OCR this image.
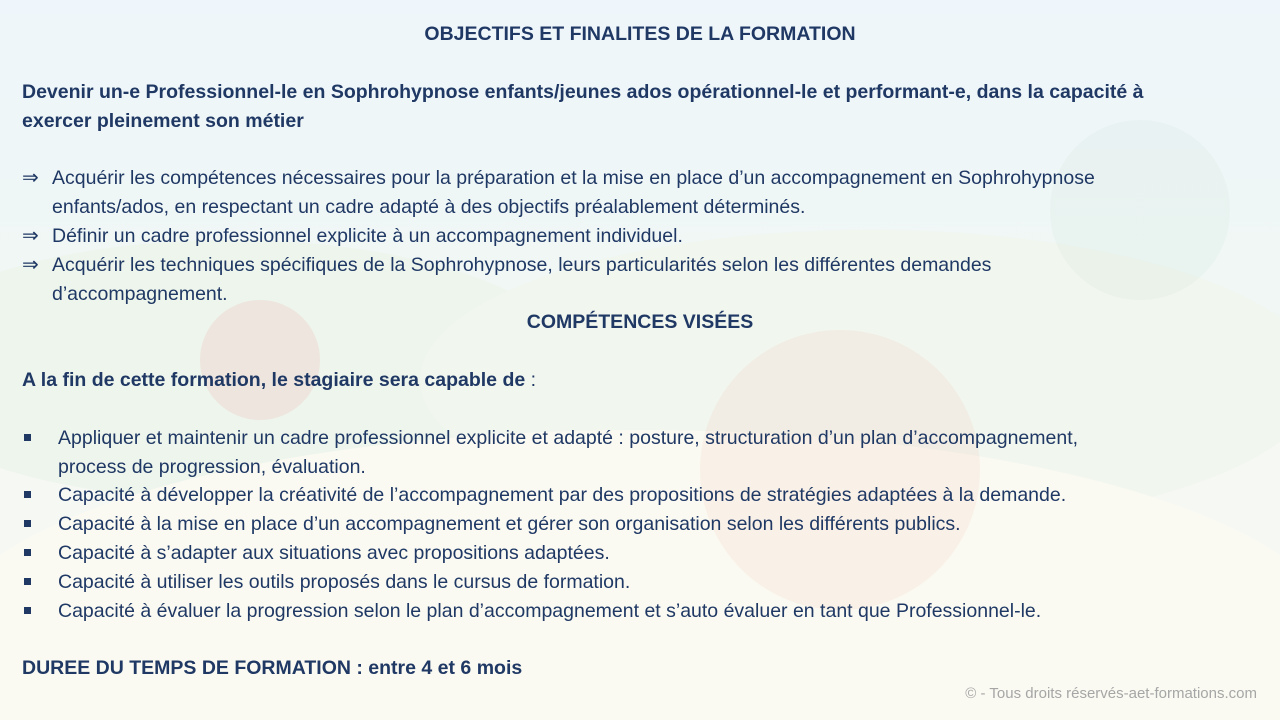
OBJECTIFS ET FINALITES DE LA FORMATION
Devenir un-e Professionnel-le en Sophrohypnose enfants/jeunes ados opérationnel-le et performant-e, dans la capacité à
exercer pleinement son métier
⇒ Acquérir les compétences nécessaires pour la préparation et la mise en place d’un accompagnement en Sophrohypnose
enfants/ados, en respectant un cadre adapté à des objectifs préalablement déterminés.
⇒ Définir un cadre professionnel explicite à un accompagnement individuel.
⇒ Acquérir les techniques spécifiques de la Sophrohypnose, leurs particularités selon les différentes demandes
d’accompagnement.
COMPÉTENCES VISÉES
A la fin de cette formation, le stagiaire sera capable de :
Appliquer et maintenir un cadre professionnel explicite et adapté : posture, structuration d’un plan d’accompagnement,
process de progression, évaluation.
Capacité à développer la créativité de l’accompagnement par des propositions de stratégies adaptées à la demande.
Capacité à la mise en place d’un accompagnement et gérer son organisation selon les différents publics.
Capacité à s’adapter aux situations avec propositions adaptées.
Capacité à utiliser les outils proposés dans le cursus de formation.
Capacité à évaluer la progression selon le plan d’accompagnement et s’auto évaluer en tant que Professionnel-le.
DUREE DU TEMPS DE FORMATION : entre 4 et 6 mois
© - Tous droits réservés-aet-formations.com
